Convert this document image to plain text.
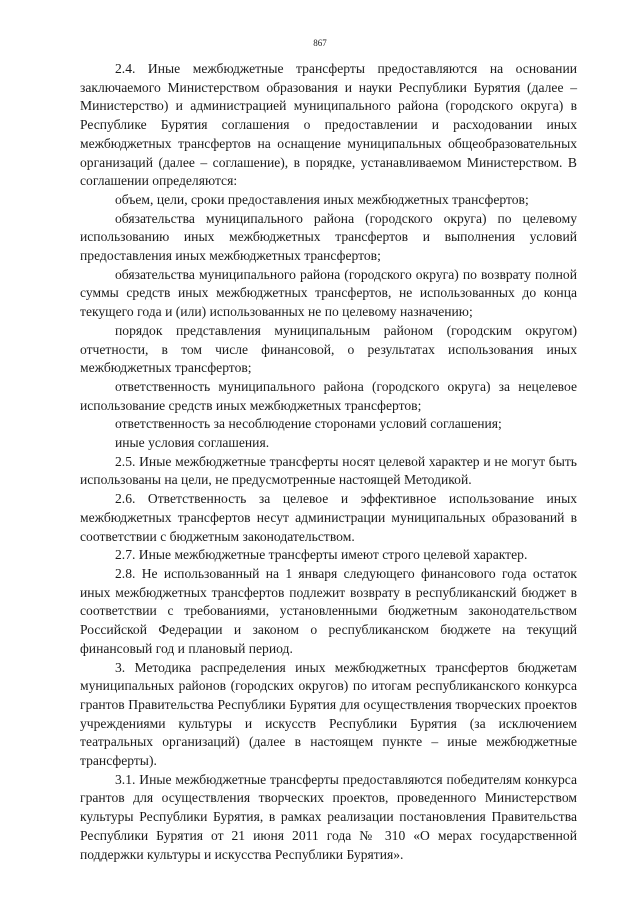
867

2.4. Иные межбюджетные трансферты предоставляются на основании заключаемого Министерством образования и науки Республики Бурятия (далее – Министерство) и администрацией муниципального района (городского округа) в Республике Бурятия соглашения о предоставлении и расходовании иных межбюджетных трансфертов на оснащение муниципальных общеобразовательных организаций (далее – соглашение), в порядке, устанавливаемом Министерством. В соглашении определяются:

объем, цели, сроки предоставления иных межбюджетных трансфертов;

обязательства муниципального района (городского округа) по целевому использованию иных межбюджетных трансфертов и выполнения условий предоставления иных межбюджетных трансфертов;

обязательства муниципального района (городского округа) по возврату полной суммы средств иных межбюджетных трансфертов, не использованных до конца текущего года и (или) использованных не по целевому назначению;

порядок представления муниципальным районом (городским округом) отчетности, в том числе финансовой, о результатах использования иных межбюджетных трансфертов;

ответственность муниципального района (городского округа) за нецелевое использование средств иных межбюджетных трансфертов;

ответственность за несоблюдение сторонами условий соглашения;

иные условия соглашения.

2.5. Иные межбюджетные трансферты носят целевой характер и не могут быть использованы на цели, не предусмотренные настоящей Методикой.

2.6. Ответственность за целевое и эффективное использование иных межбюджетных трансфертов несут администрации муниципальных образований в соответствии с бюджетным законодательством.

2.7. Иные межбюджетные трансферты имеют строго целевой характер.

2.8. Не использованный на 1 января следующего финансового года остаток иных межбюджетных трансфертов подлежит возврату в республиканский бюджет в соответствии с требованиями, установленными бюджетным законодательством Российской Федерации и законом о республиканском бюджете на текущий финансовый год и плановый период.

3. Методика распределения иных межбюджетных трансфертов бюджетам муниципальных районов (городских округов) по итогам республиканского конкурса грантов Правительства Республики Бурятия для осуществления творческих проектов учреждениями культуры и искусств Республики Бурятия (за исключением театральных организаций) (далее в настоящем пункте – иные межбюджетные трансферты).

3.1. Иные межбюджетные трансферты предоставляются победителям конкурса грантов для осуществления творческих проектов, проведенного Министерством культуры Республики Бурятия, в рамках реализации постановления Правительства Республики Бурятия от 21 июня 2011 года № 310 «О мерах государственной поддержки культуры и искусства Республики Бурятия».
